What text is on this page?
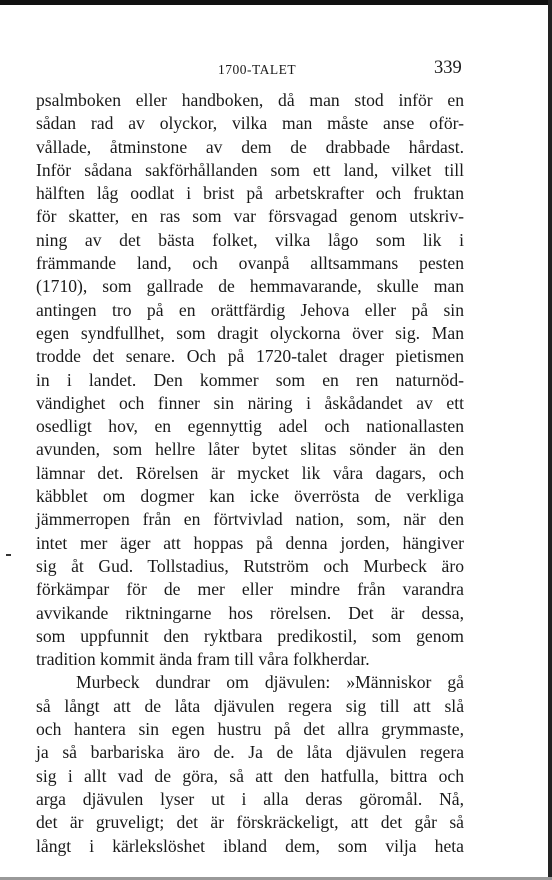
1700-TALET	339
psalmboken eller handboken, då man stod inför en
sådan rad av olyckor, vilka man måste anse oför-
vållade, åtminstone av dem de drabbade hårdast.
Inför sådana sakförhållanden som ett land, vilket till
hälften låg oodlat i brist på arbetskrafter och fruktan
för skatter, en ras som var försvagad genom utskriv-
ning av det bästa folket, vilka lågo som lik i
främmande land, och ovanpå alltsammans pesten
(1710), som gallrade de hemmavarande, skulle man
antingen tro på en orättfärdig Jehova eller på sin
egen syndfullhet, som dragit olyckorna över sig. Man
trodde det senare. Och på 1720-talet drager pietismen
in i landet. Den kommer som en ren naturnöd-
vändighet och finner sin näring i åskådandet av ett
osedligt hov, en egennyttig adel och nationallasten
avunden, som hellre låter bytet slitas sönder än den
lämnar det. Rörelsen är mycket lik våra dagars, och
käbblet om dogmer kan icke överrösta de verkliga
jämmerropen från en förtvivlad nation, som, när den
intet mer äger att hoppas på denna jorden, hängiver
sig åt Gud. Tollstadius, Rutström och Murbeck äro
förkämpar för de mer eller mindre från varandra
avvikande riktningarne hos rörelsen. Det är dessa,
som uppfunnit den ryktbara predikostil, som genom
tradition kommit ända fram till våra folkherdar.
Murbeck dundrar om djävulen: »Människor gå
så långt att de låta djävulen regera sig till att slå
och hantera sin egen hustru på det allra grymmaste,
ja så barbariska äro de. Ja de låta djävulen regera
sig i allt vad de göra, så att den hatfulla, bittra och
arga djävulen lyser ut i alla deras göromål. Nå,
det är gruveligt; det är förskräckeligt, att det går så
långt i kärlekslöshet ibland dem, som vilja heta
